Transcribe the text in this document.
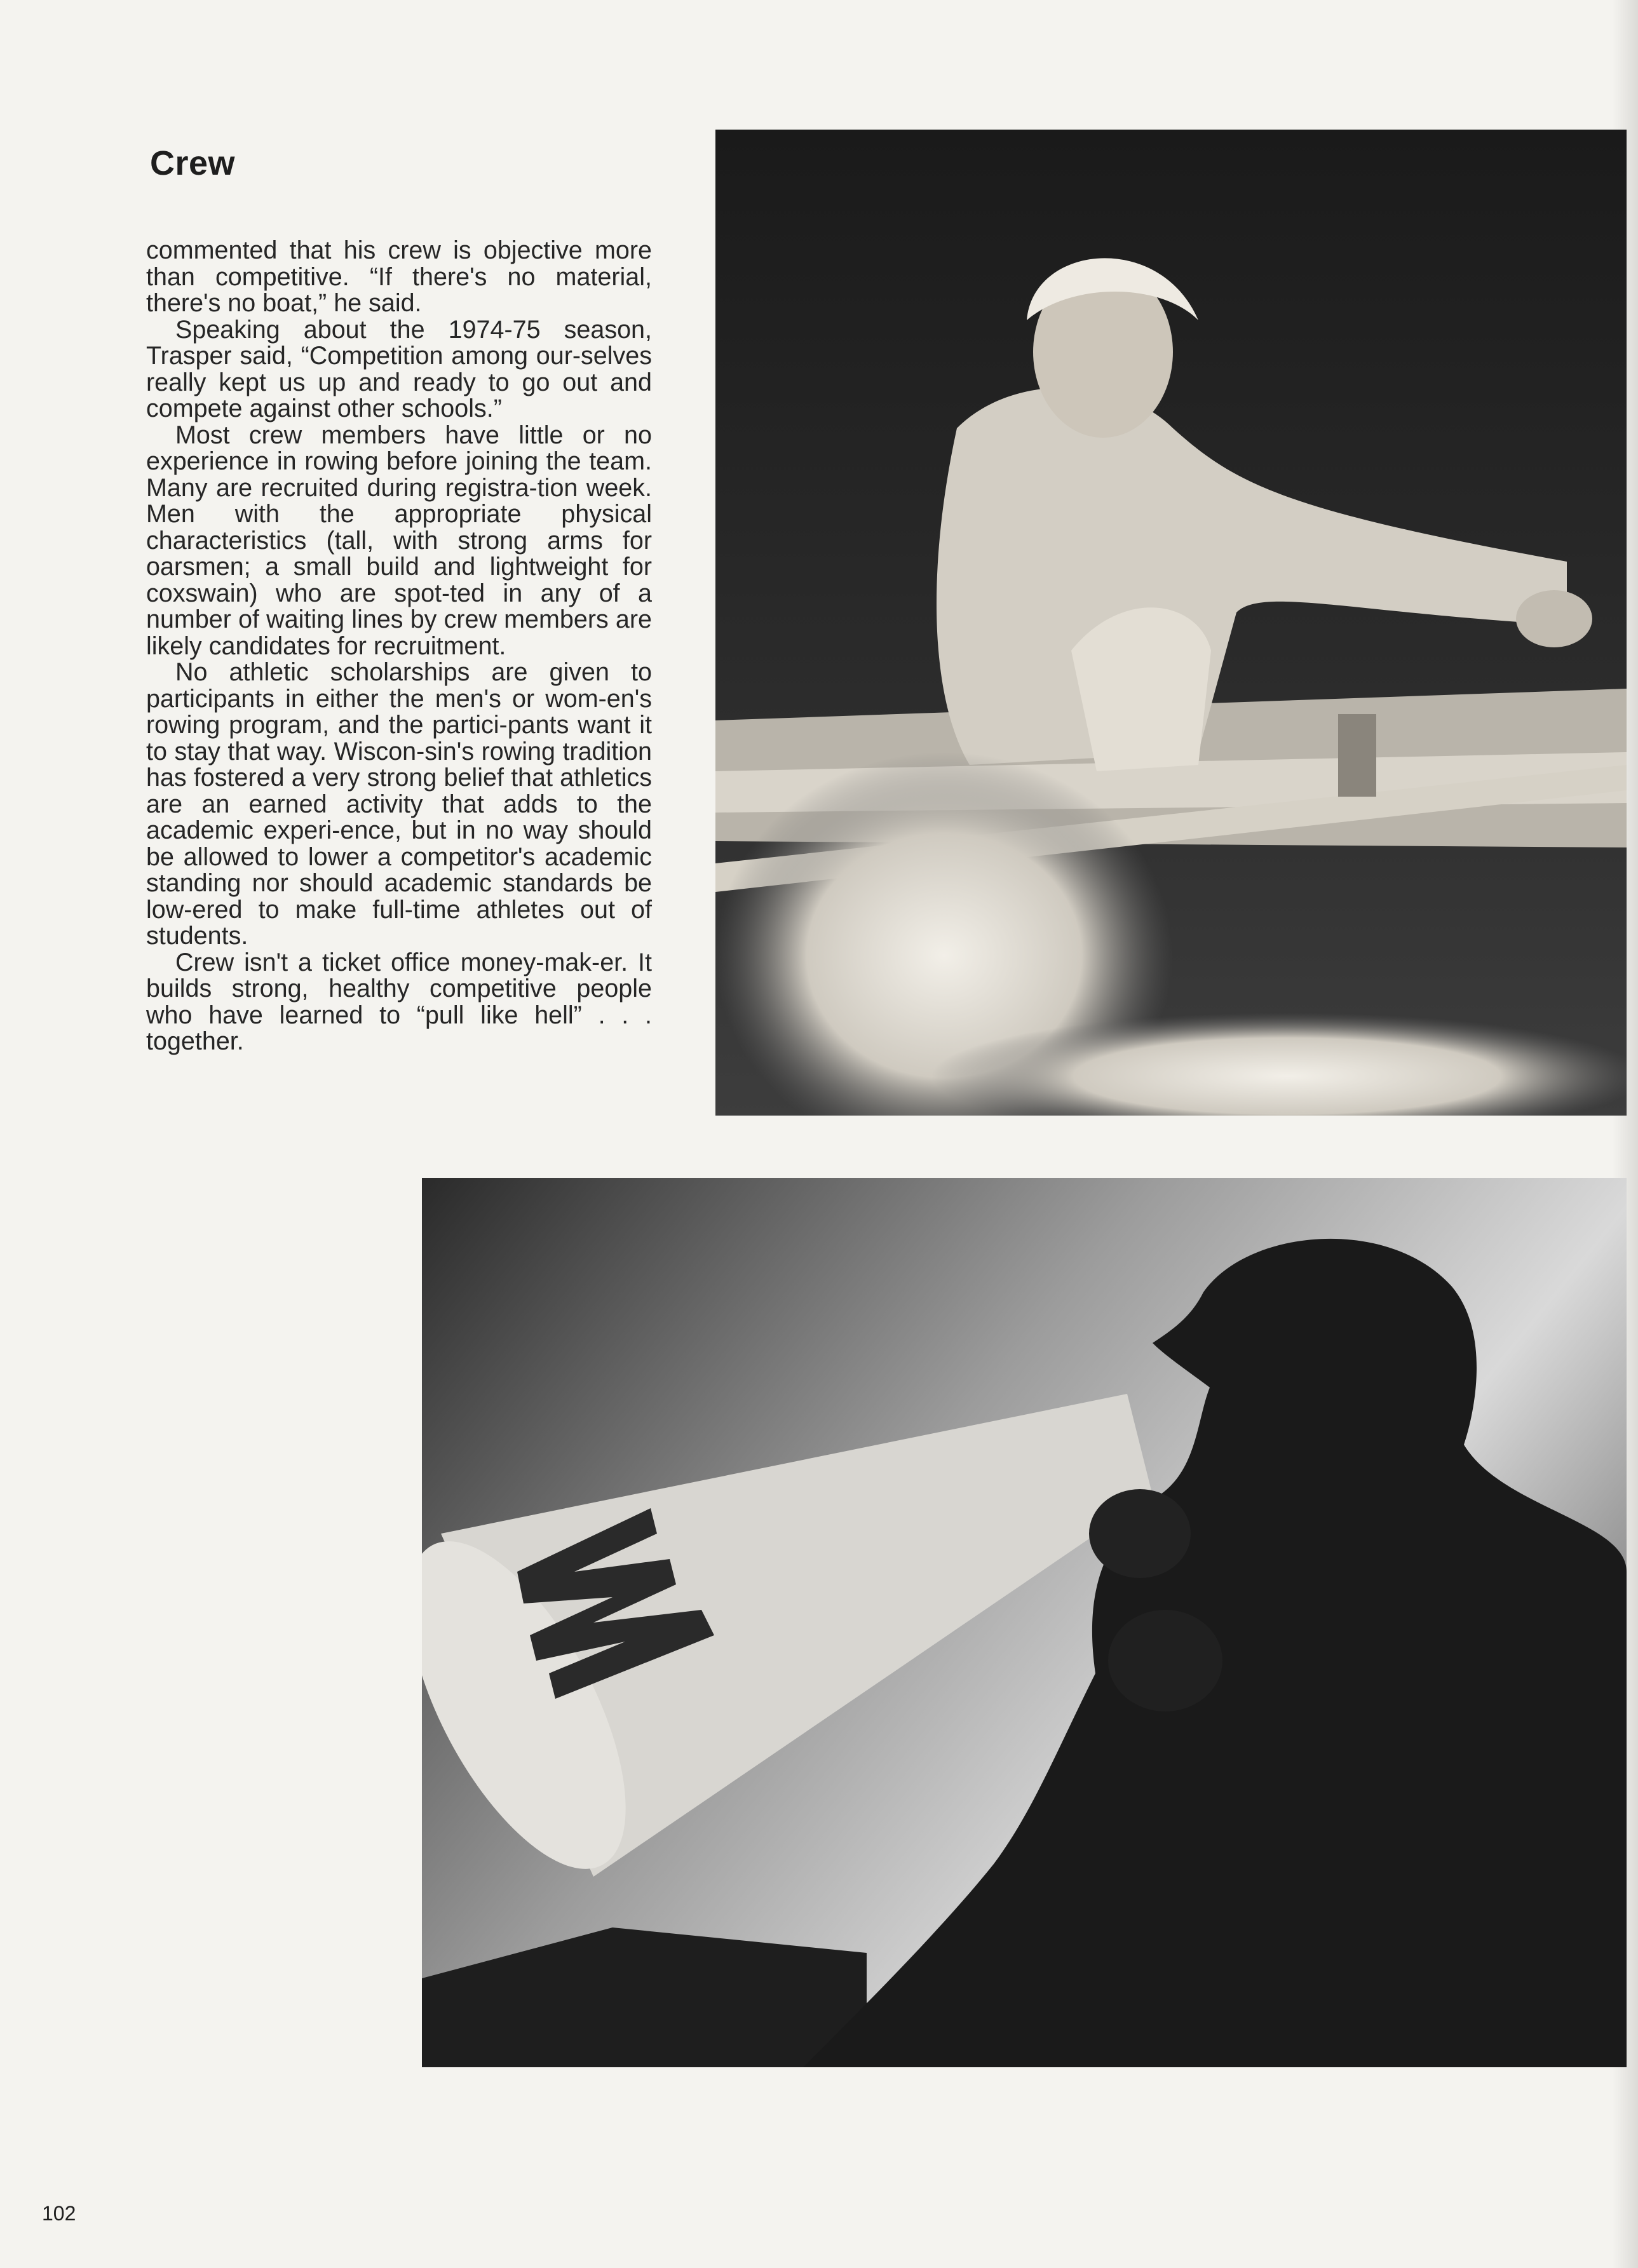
Crew

commented that his crew is objective more than competitive. “If there's no material, there's no boat,” he said.

Speaking about the 1974-75 season, Trasper said, “Competition among our-selves really kept us up and ready to go out and compete against other schools.”

Most crew members have little or no experience in rowing before joining the team. Many are recruited during registra-tion week. Men with the appropriate physical characteristics (tall, with strong arms for oarsmen; a small build and lightweight for coxswain) who are spot-ted in any of a number of waiting lines by crew members are likely candidates for recruitment.

No athletic scholarships are given to participants in either the men's or wom-en's rowing program, and the partici-pants want it to stay that way. Wiscon-sin's rowing tradition has fostered a very strong belief that athletics are an earned activity that adds to the academic experi-ence, but in no way should be allowed to lower a competitor's academic standing nor should academic standards be low-ered to make full-time athletes out of students.

Crew isn't a ticket office money-mak-er. It builds strong, healthy competitive people who have learned to “pull like hell” . . . together.

102
